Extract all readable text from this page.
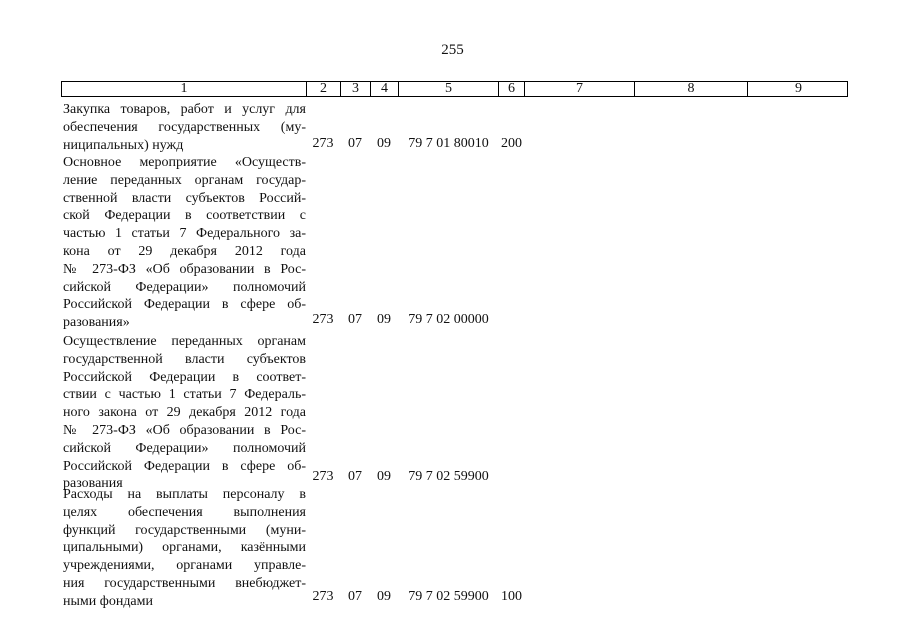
255
1	2	3	4	5	6	7	8	9
Закупка товаров, работ и услуг для
обеспечения государственных (му-
ниципальных) нужд	273	07	09	79 7 01 80010 200
Основное мероприятие «Осуществ-
ление переданных органам государ-
ственной власти субъектов Россий-
ской Федерации в соответствии с
частью 1 статьи 7 Федерального за-
кона от 29 декабря 2012 года
№ 273-ФЗ «Об образовании в Рос-
сийской Федерации» полномочий
Российской Федерации в сфере об-
разования»	273	07	09	79 7 02 00000
Осуществление переданных органам
государственной власти субъектов
Российской Федерации в соответ-
ствии с частью 1 статьи 7 Федераль-
ного закона от 29 декабря 2012 года
№ 273-ФЗ «Об образовании в Рос-
сийской Федерации» полномочий
Российской Федерации в сфере об-
разования	273	07	09	79 7 02 59900
Расходы на выплаты персоналу в
целях обеспечения выполнения
функций государственными (муни-
ципальными) органами, казёнными
учреждениями, органами управле-
ния государственными внебюджет-
ными фондами	273	07	09	79 7 02 59900 100
